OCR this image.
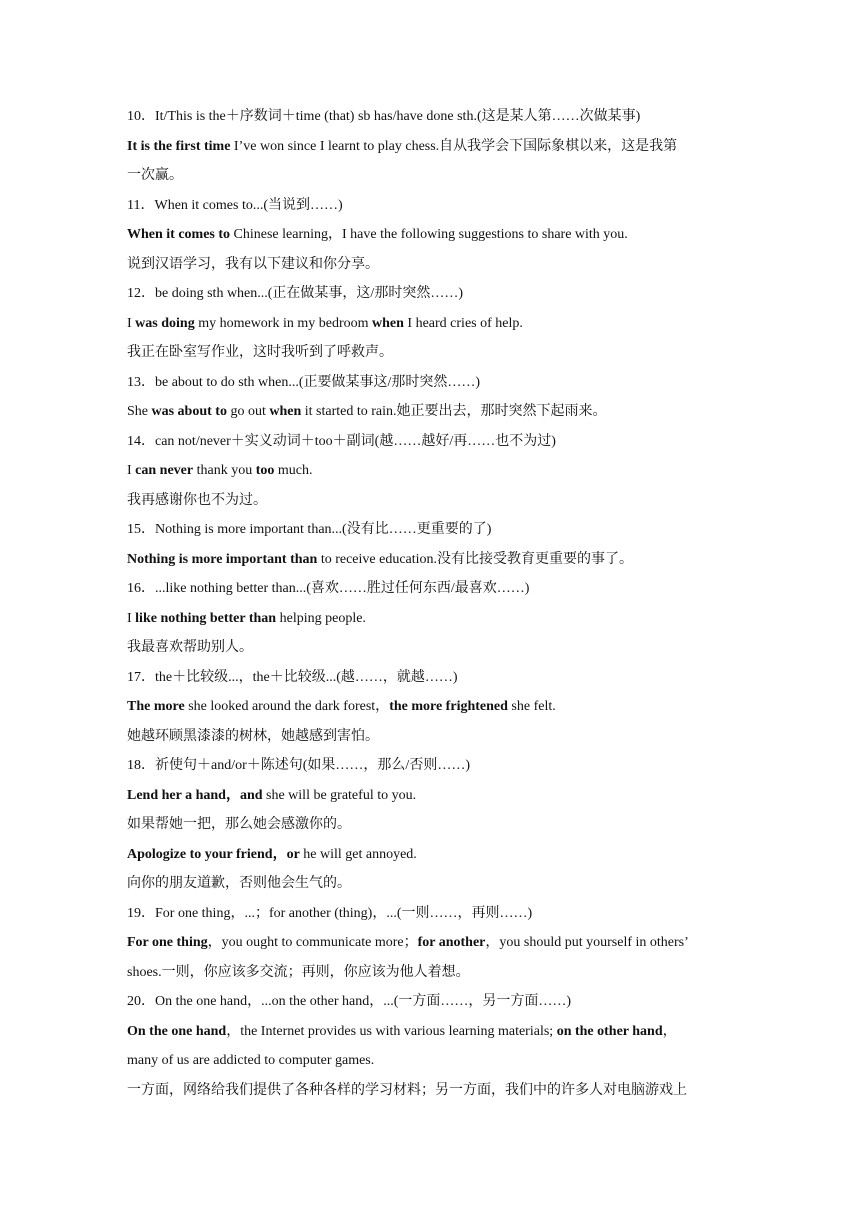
10．It/This is the＋序数词＋time (that) sb has/have done sth.(这是某人第……次做某事)
It is the first time I’ve won since I learnt to play chess.自从我学会下国际象棋以来，这是我第
一次赢。
11．When it comes to...(当说到……)
When it comes to Chinese learning，I have the following suggestions to share with you.
说到汉语学习，我有以下建议和你分享。
12．be doing sth when...(正在做某事，这/那时突然……)
I was doing my homework in my bedroom when I heard cries of help.
我正在卧室写作业，这时我听到了呼救声。
13．be about to do sth when...(正要做某事这/那时突然……)
She was about to go out when it started to rain.她正要出去，那时突然下起雨来。
14．can not/never＋实义动词＋too＋副词(越……越好/再……也不为过)
I can never thank you too much.
我再感谢你也不为过。
15．Nothing is more important than...(没有比……更重要的了)
Nothing is more important than to receive education.没有比接受教育更重要的事了。
16．...like nothing better than...(喜欢……胜过任何东西/最喜欢……)
I like nothing better than helping people.
我最喜欢帮助别人。
17．the＋比较级...，the＋比较级...(越……，就越……)
The more she looked around the dark forest，the more frightened she felt.
她越环顾黑漆漆的树林，她越感到害怕。
18．祈使句＋and/or＋陈述句(如果……，那么/否则……)
Lend her a hand，and she will be grateful to you.
如果帮她一把，那么她会感激你的。
Apologize to your friend，or he will get annoyed.
向你的朋友道歉，否则他会生气的。
19．For one thing，...；for another (thing)，...(一则……，再则……)
For one thing，you ought to communicate more；for another，you should put yourself in others’
shoes.一则，你应该多交流；再则，你应该为他人着想。
20．On the one hand，...on the other hand，...(一方面……，另一方面……)
On the one hand，the Internet provides us with various learning materials; on the other hand，
many of us are addicted to computer games.
一方面，网络给我们提供了各种各样的学习材料；另一方面，我们中的许多人对电脑游戏上
